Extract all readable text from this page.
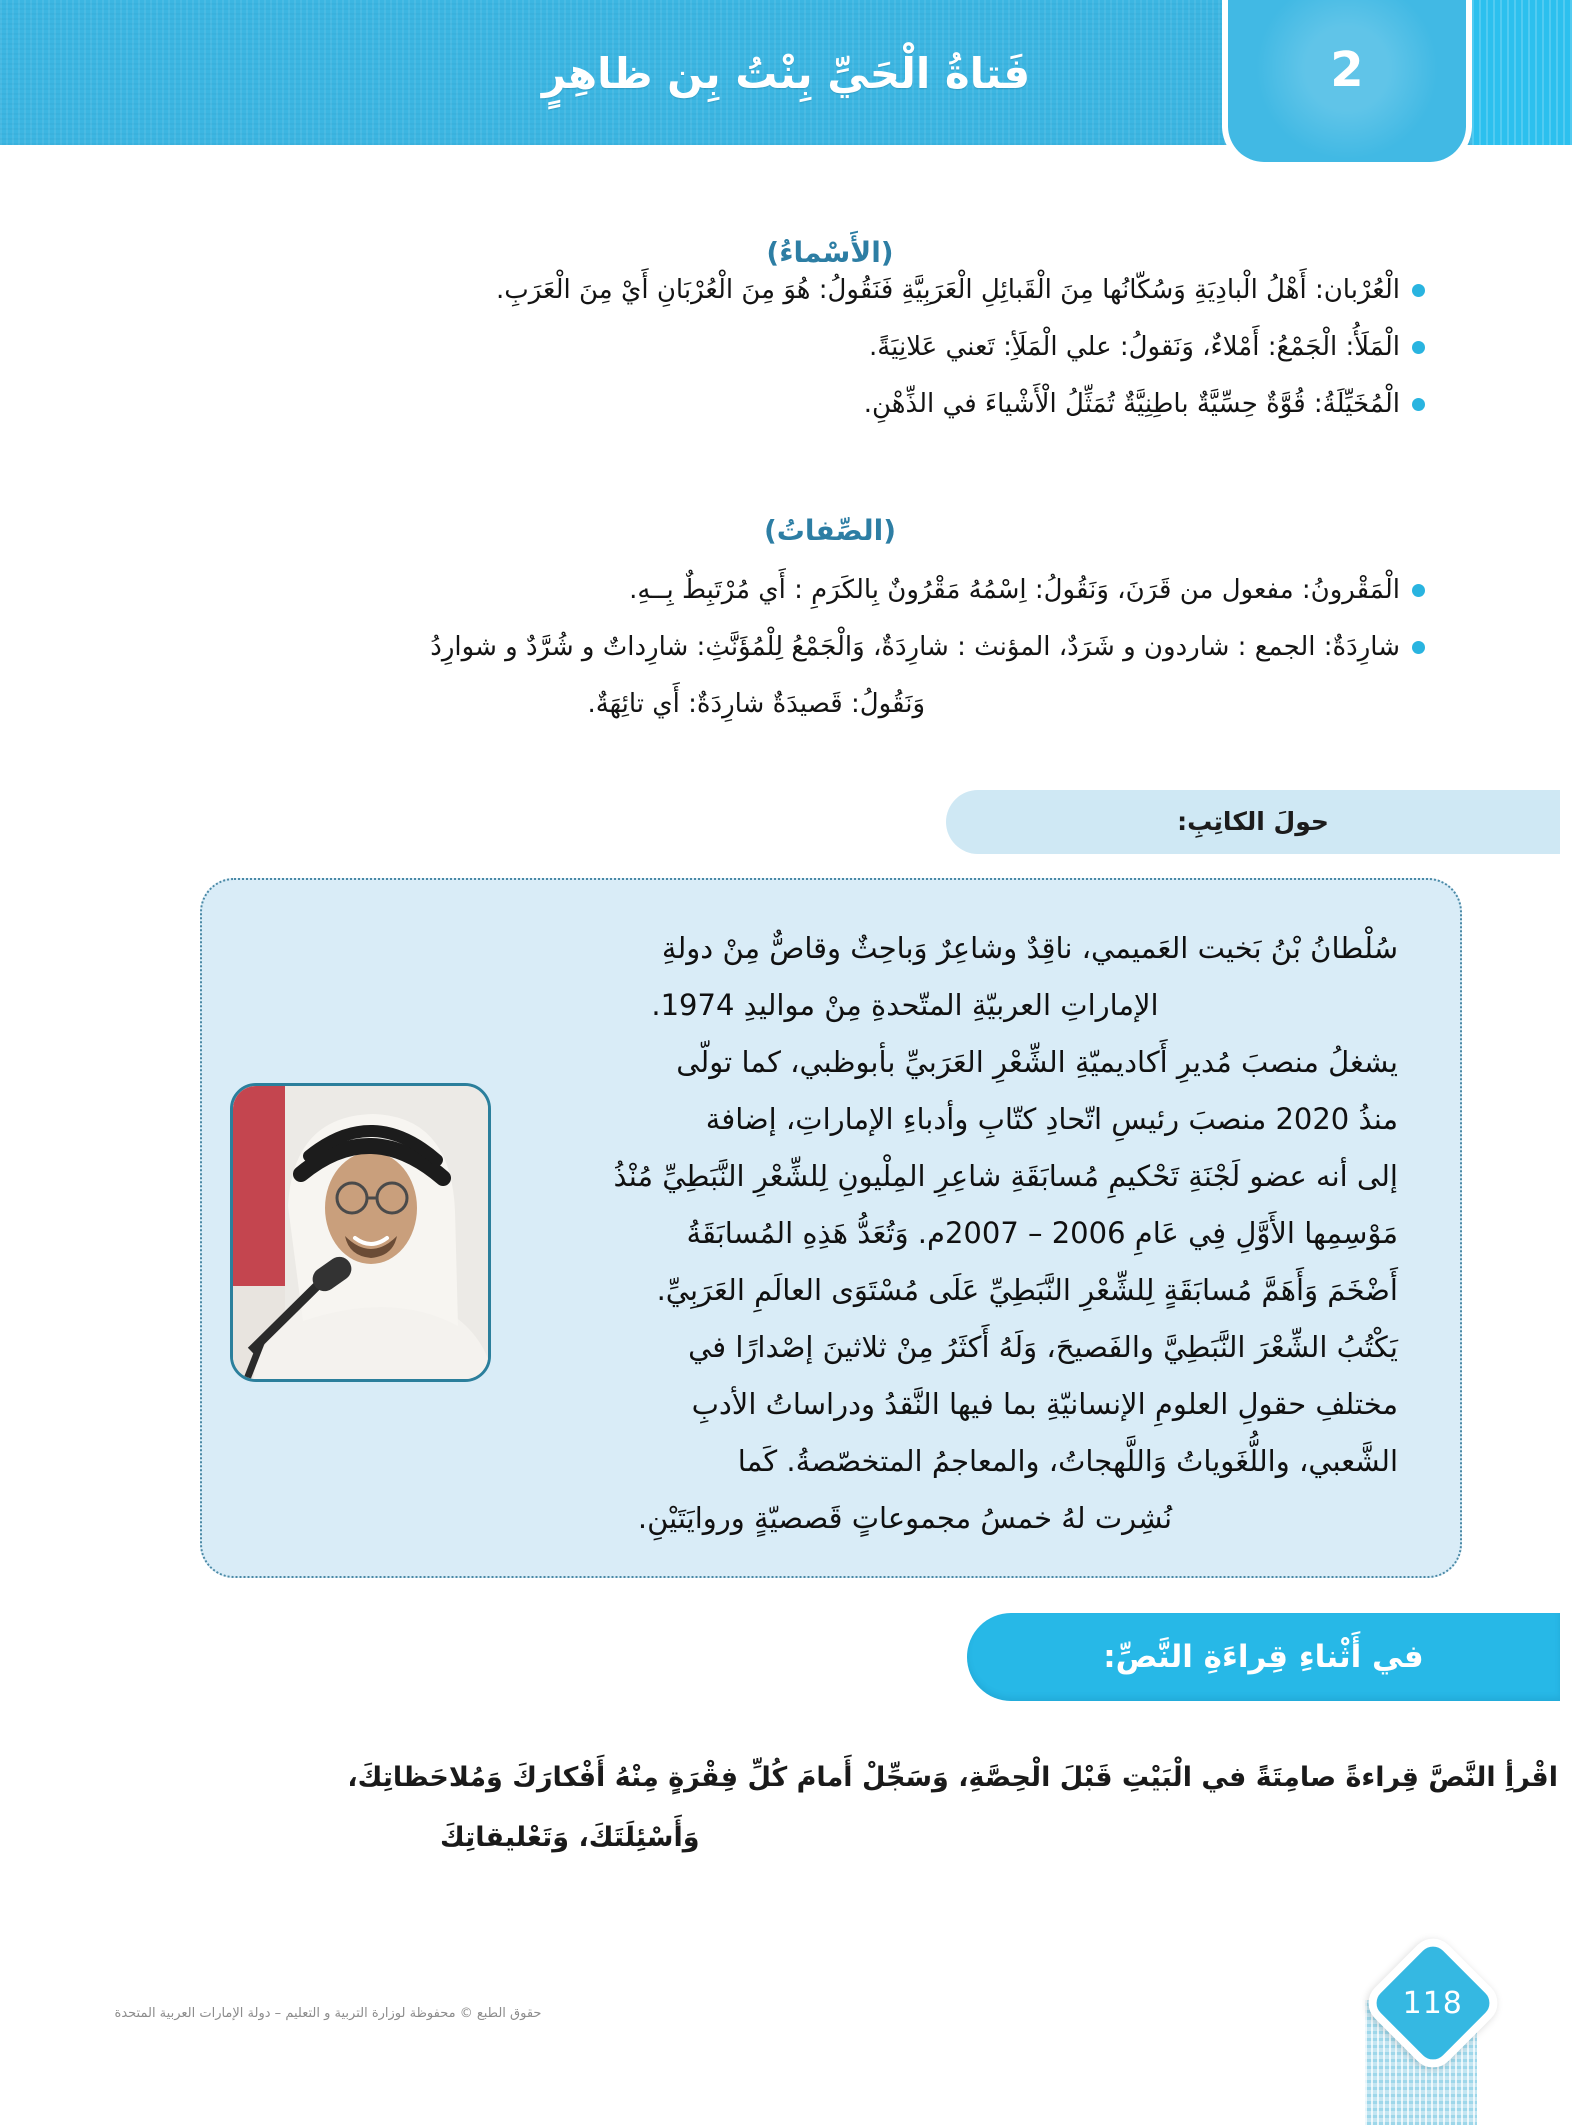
فَتاةُ الْحَيِّ بِنْتُ بِن ظاهِرٍ	2
(الأَسْماءُ)
الْعُرْبان: أَهْلُ الْبادِيَةِ وَسُكّانُها مِنَ الْقَبائِلِ الْعَرَبِيَّةِ فَنَقُولُ: هُوَ مِنَ الْعُرْبَانِ أَيْ مِنَ الْعَرَبِ.
الْمَلَأُ: الْجَمْعُ: أَمْلاءٌ، وَنَقولُ: علي الْمَلَأِ: تَعني عَلانِيَةً.
الْمُخَيِّلَةُ: قُوَّةٌ حِسِّيَّةٌ باطِنِيَّةٌ تُمَثِّلُ الْأَشْياءَ في الذِّهْنِ.
(الصِّفاتُ)
الْمَقْرونُ: مفعول من قَرَنَ، وَنَقُولُ: اِسْمُهُ مَقْرُونٌ بِالكَرَمِ : أَي مُرْتَبِطٌ بِــهِ.
شارِدَةٌ: الجمع : شاردون و شَرَدٌ، المؤنث : شارِدَةٌ، وَالْجَمْعُ لِلْمُؤَنَّثِ: شارِداتٌ و شُرَّدٌ و شوارِدُ
وَنَقُولُ: قَصيدَةٌ شارِدَةٌ: أَي تائِهَةٌ.
حولَ الكاتِبِ:
سُلْطانُ بْنُ بَخيت العَميمي، ناقِدٌ وشاعِرٌ وَباحِثٌ وقاصٌّ مِنْ دولةِ
الإماراتِ العربيّةِ المتّحدةِ مِنْ مواليدِ 1974.
يشغلُ منصبَ مُديرِ أَكاديميّةِ الشِّعْرِ العَرَبيِّ بأبوظبي، كما تولّى
منذُ 2020 منصبَ رئيسِ اتّحادِ كتّابِ وأدباءِ الإماراتِ، إضافة
إلى أنه عضو لَجْنَةِ تَحْكيمِ مُسابَقَةِ شاعِرِ المِلْيونِ لِلشِّعْرِ النَّبَطِيِّ مُنْذُ
مَوْسِمِها الأَوَّلِ فِي عَامِ 2006 – 2007م. وَتُعَدُّ هَذِهِ المُسابَقَةُ
أَضْخَمَ وَأَهَمَّ مُسابَقَةٍ لِلشِّعْرِ النَّبَطِيِّ عَلَى مُسْتَوَى العالَمِ العَرَبِيِّ.
يَكْتُبُ الشِّعْرَ النَّبَطِيَّ والفَصيحَ، وَلَهُ أَكثَرُ مِنْ ثلاثينَ إصْدارًا في
مختلفِ حقولِ العلومِ الإنسانيّةِ بما فيها النَّقدُ ودراساتُ الأدبِ
الشَّعبي، واللُّغَوياتُ وَاللَّهجاتُ، والمعاجمُ المتخصّصةُ. كَما
نُشِرت لهُ خمسُ مجموعاتٍ قَصصيّةٍ وروايَتَيْنِ.
في أَثْناءِ قِراءَةِ النَّصِّ:
اقْرأِ النَّصَّ قِراءةً صامِتَةً في الْبَيْتِ قَبْلَ الْحِصَّةِ، وَسَجِّلْ أَمامَ كُلِّ فِقْرَةٍ مِنْهُ أَفْكارَكَ وَمُلاحَظاتِكَ،
وَأَسْئِلَتَكَ، وَتَعْليقاتِكَ
حقوق الطبع © محفوظة لوزارة التربية و التعليم – دولة الإمارات العربية المتحدة	118
